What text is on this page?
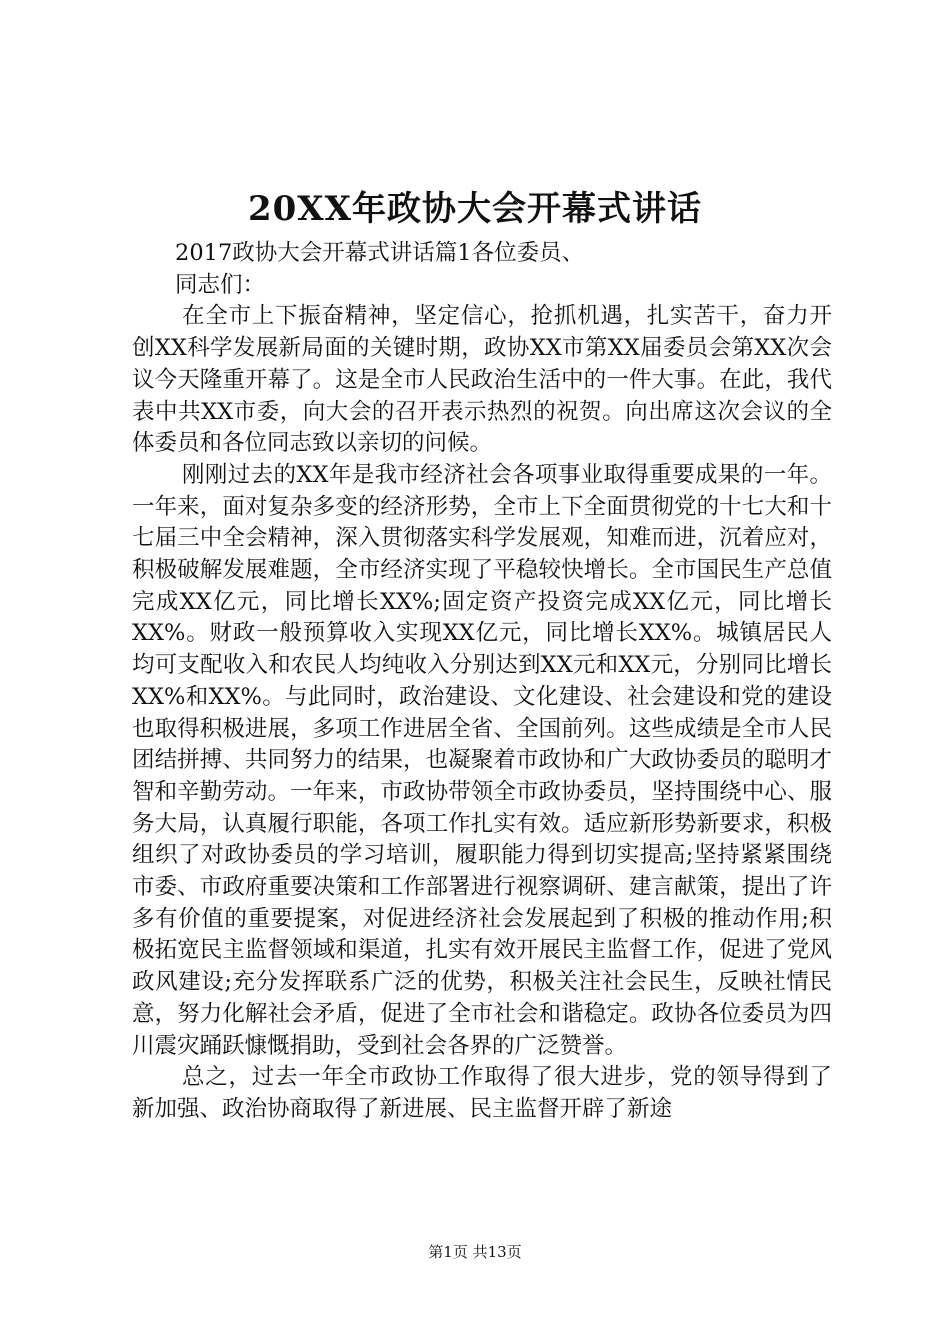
20XX年政协大会开幕式讲话

2017政协大会开幕式讲话篇1各位委员、

同志们：

在全市上下振奋精神，坚定信心，抢抓机遇，扎实苦干，奋力开创XX科学发展新局面的关键时期，政协XX市第XX届委员会第XX次会议今天隆重开幕了。这是全市人民政治生活中的一件大事。在此，我代表中共XX市委，向大会的召开表示热烈的祝贺。向出席这次会议的全体委员和各位同志致以亲切的问候。

刚刚过去的XX年是我市经济社会各项事业取得重要成果的一年。一年来，面对复杂多变的经济形势，全市上下全面贯彻党的十七大和十七届三中全会精神，深入贯彻落实科学发展观，知难而进，沉着应对，积极破解发展难题，全市经济实现了平稳较快增长。全市国民生产总值完成XX亿元，同比增长XX%;固定资产投资完成XX亿元，同比增长XX%。财政一般预算收入实现XX亿元，同比增长XX%。城镇居民人均可支配收入和农民人均纯收入分别达到XX元和XX元，分别同比增长XX%和XX%。与此同时，政治建设、文化建设、社会建设和党的建设也取得积极进展，多项工作进居全省、全国前列。这些成绩是全市人民团结拼搏、共同努力的结果，也凝聚着市政协和广大政协委员的聪明才智和辛勤劳动。一年来，市政协带领全市政协委员，坚持围绕中心、服务大局，认真履行职能，各项工作扎实有效。适应新形势新要求，积极组织了对政协委员的学习培训，履职能力得到切实提高;坚持紧紧围绕市委、市政府重要决策和工作部署进行视察调研、建言献策，提出了许多有价值的重要提案，对促进经济社会发展起到了积极的推动作用;积极拓宽民主监督领域和渠道，扎实有效开展民主监督工作，促进了党风政风建设;充分发挥联系广泛的优势，积极关注社会民生，反映社情民意，努力化解社会矛盾，促进了全市社会和谐稳定。政协各位委员为四川震灾踊跃慷慨捐助，受到社会各界的广泛赞誉。

总之，过去一年全市政协工作取得了很大进步，党的领导得到了新加强、政治协商取得了新进展、民主监督开辟了新途

第1页 共13页
